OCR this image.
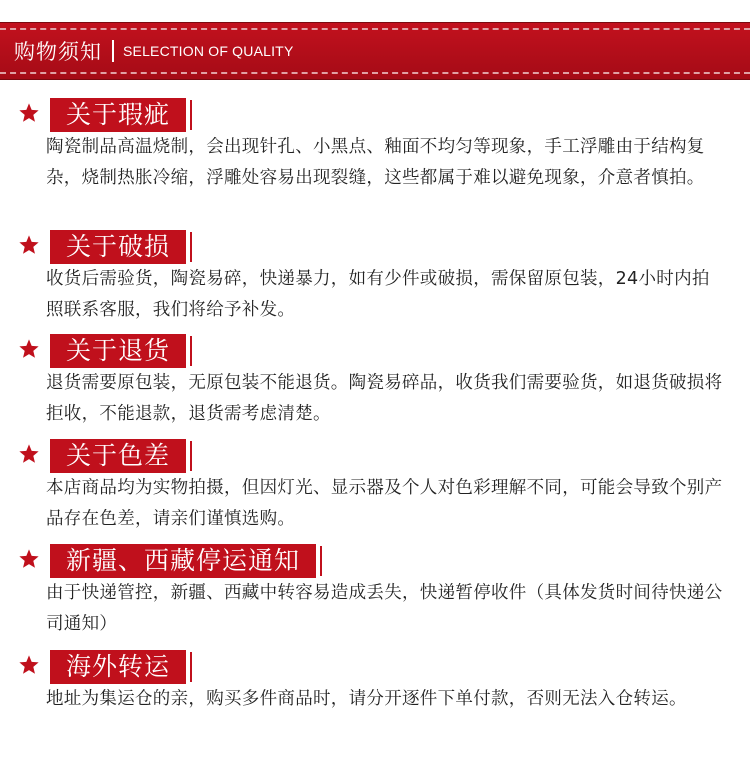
购物须知 SELECTION OF QUALITY
关于瑕疵
陶瓷制品高温烧制，会出现针孔、小黑点、釉面不均匀等现象，手工浮雕由于结构复杂，烧制热胀冷缩，浮雕处容易出现裂缝，这些都属于难以避免现象，介意者慎拍。
关于破损
收货后需验货，陶瓷易碎，快递暴力，如有少件或破损，需保留原包装，24小时内拍照联系客服，我们将给予补发。
关于退货
退货需要原包装，无原包装不能退货。陶瓷易碎品，收货我们需要验货，如退货破损将拒收，不能退款，退货需考虑清楚。
关于色差
本店商品均为实物拍摄，但因灯光、显示器及个人对色彩理解不同，可能会导致个别产品存在色差，请亲们谨慎选购。
新疆、西藏停运通知
由于快递管控，新疆、西藏中转容易造成丢失，快递暂停收件（具体发货时间待快递公司通知）
海外转运
地址为集运仓的亲，购买多件商品时，请分开逐件下单付款，否则无法入仓转运。
